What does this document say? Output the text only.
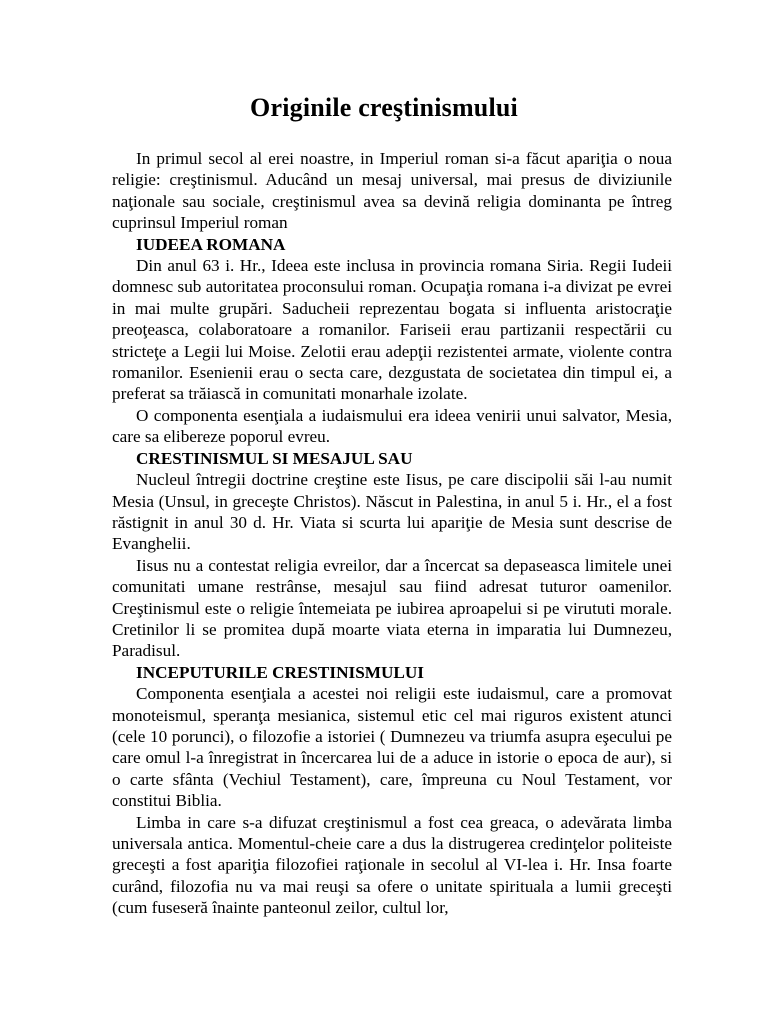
Originile creştinismului

In primul secol al erei noastre, in Imperiul roman si-a făcut apariţia o noua religie: creştinismul. Aducând un mesaj universal, mai presus de diviziunile naţionale sau sociale, creştinismul avea sa devină religia dominanta pe întreg cuprinsul Imperiul roman

IUDEEA ROMANA

Din anul 63 i. Hr., Ideea este inclusa in provincia romana Siria. Regii Iudeii domnesc sub autoritatea proconsului roman. Ocupaţia romana i-a divizat pe evrei in mai multe grupări. Saducheii reprezentau bogata si influenta aristocraţie preoţeasca, colaboratoare a romanilor. Fariseii erau partizanii respectării cu stricteţe a Legii lui Moise. Zelotii erau adepţii rezistentei armate, violente contra romanilor. Esenienii erau o secta care, dezgustata de societatea din timpul ei, a preferat sa trăiască in comunitati monarhale izolate.

O componenta esenţiala a iudaismului era ideea venirii unui salvator, Mesia, care sa elibereze poporul evreu.

CRESTINISMUL SI MESAJUL SAU

Nucleul întregii doctrine creştine este Iisus, pe care discipolii săi l-au numit Mesia (Unsul, in greceşte Christos). Născut in Palestina, in anul 5 i. Hr., el a fost răstignit in anul 30 d. Hr. Viata si scurta lui apariţie de Mesia sunt descrise de Evanghelii.

Iisus nu a contestat religia evreilor, dar a încercat sa depaseasca limitele unei comunitati umane restrânse, mesajul sau fiind adresat tuturor oamenilor. Creştinismul este o religie întemeiata pe iubirea aproapelui si pe virututi morale. Cretinilor li se promitea după moarte viata eterna in imparatia lui Dumnezeu, Paradisul.

INCEPUTURILE CRESTINISMULUI

Componenta esenţiala a acestei noi religii este iudaismul, care a promovat monoteismul, speranţa mesianica, sistemul etic cel mai riguros existent atunci (cele 10 porunci), o filozofie a istoriei ( Dumnezeu va triumfa asupra eşecului pe care omul l-a înregistrat in încercarea lui de a aduce in istorie o epoca de aur), si o carte sfânta (Vechiul Testament), care, împreuna cu Noul Testament, vor constitui Biblia.

Limba in care s-a difuzat creştinismul a fost cea greaca, o adevărata limba universala antica. Momentul-cheie care a dus la distrugerea credinţelor politeiste greceşti a fost apariţia filozofiei raţionale in secolul al VI-lea i. Hr. Insa foarte curând, filozofia nu va mai reuşi sa ofere o unitate spirituala a lumii greceşti (cum fuseseră înainte panteonul zeilor, cultul lor,
